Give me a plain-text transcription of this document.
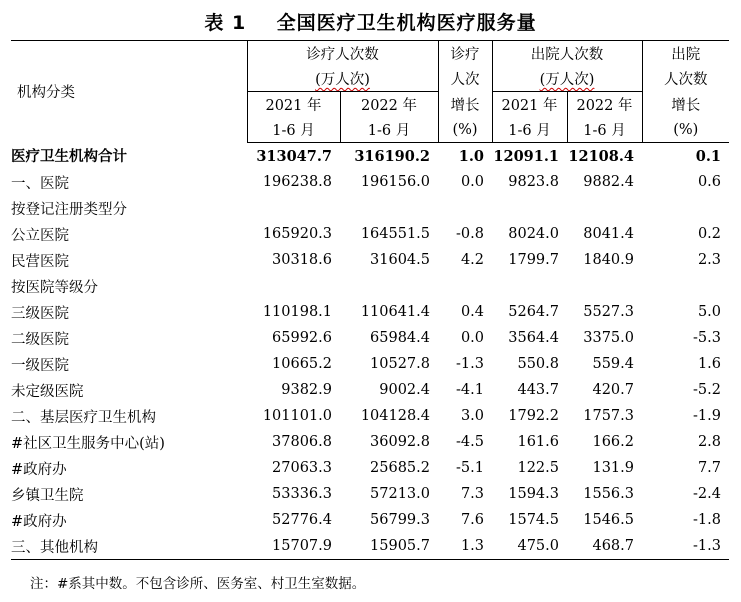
表 1    全国医疗卫生机构医疗服务量
机构分类	诊疗人次数		诊疗	出院人次数		出院
	(万人次)		人次	(万人次)		人次数
	2021 年	2022 年	增长	2021 年	2022 年	增长
	1-6 月	1-6 月	(%)	1-6 月	1-6 月	(%)
医疗卫生机构合计	313047.7	316190.2	1.0	12091.1	12108.4	0.1
一、医院	196238.8	196156.0	0.0	9823.8	9882.4	0.6
按登记注册类型分						
公立医院	165920.3	164551.5	-0.8	8024.0	8041.4	0.2
民营医院	30318.6	31604.5	4.2	1799.7	1840.9	2.3
按医院等级分						
三级医院	110198.1	110641.4	0.4	5264.7	5527.3	5.0
二级医院	65992.6	65984.4	0.0	3564.4	3375.0	-5.3
一级医院	10665.2	10527.8	-1.3	550.8	559.4	1.6
未定级医院	9382.9	9002.4	-4.1	443.7	420.7	-5.2
二、基层医疗卫生机构	101101.0	104128.4	3.0	1792.2	1757.3	-1.9
#社区卫生服务中心(站)	37806.8	36092.8	-4.5	161.6	166.2	2.8
#政府办	27063.3	25685.2	-5.1	122.5	131.9	7.7
乡镇卫生院	53336.3	57213.0	7.3	1594.3	1556.3	-2.4
#政府办	52776.4	56799.3	7.6	1574.5	1546.5	-1.8
三、其他机构	15707.9	15905.7	1.3	475.0	468.7	-1.3
注：#系其中数。不包含诊所、医务室、村卫生室数据。
